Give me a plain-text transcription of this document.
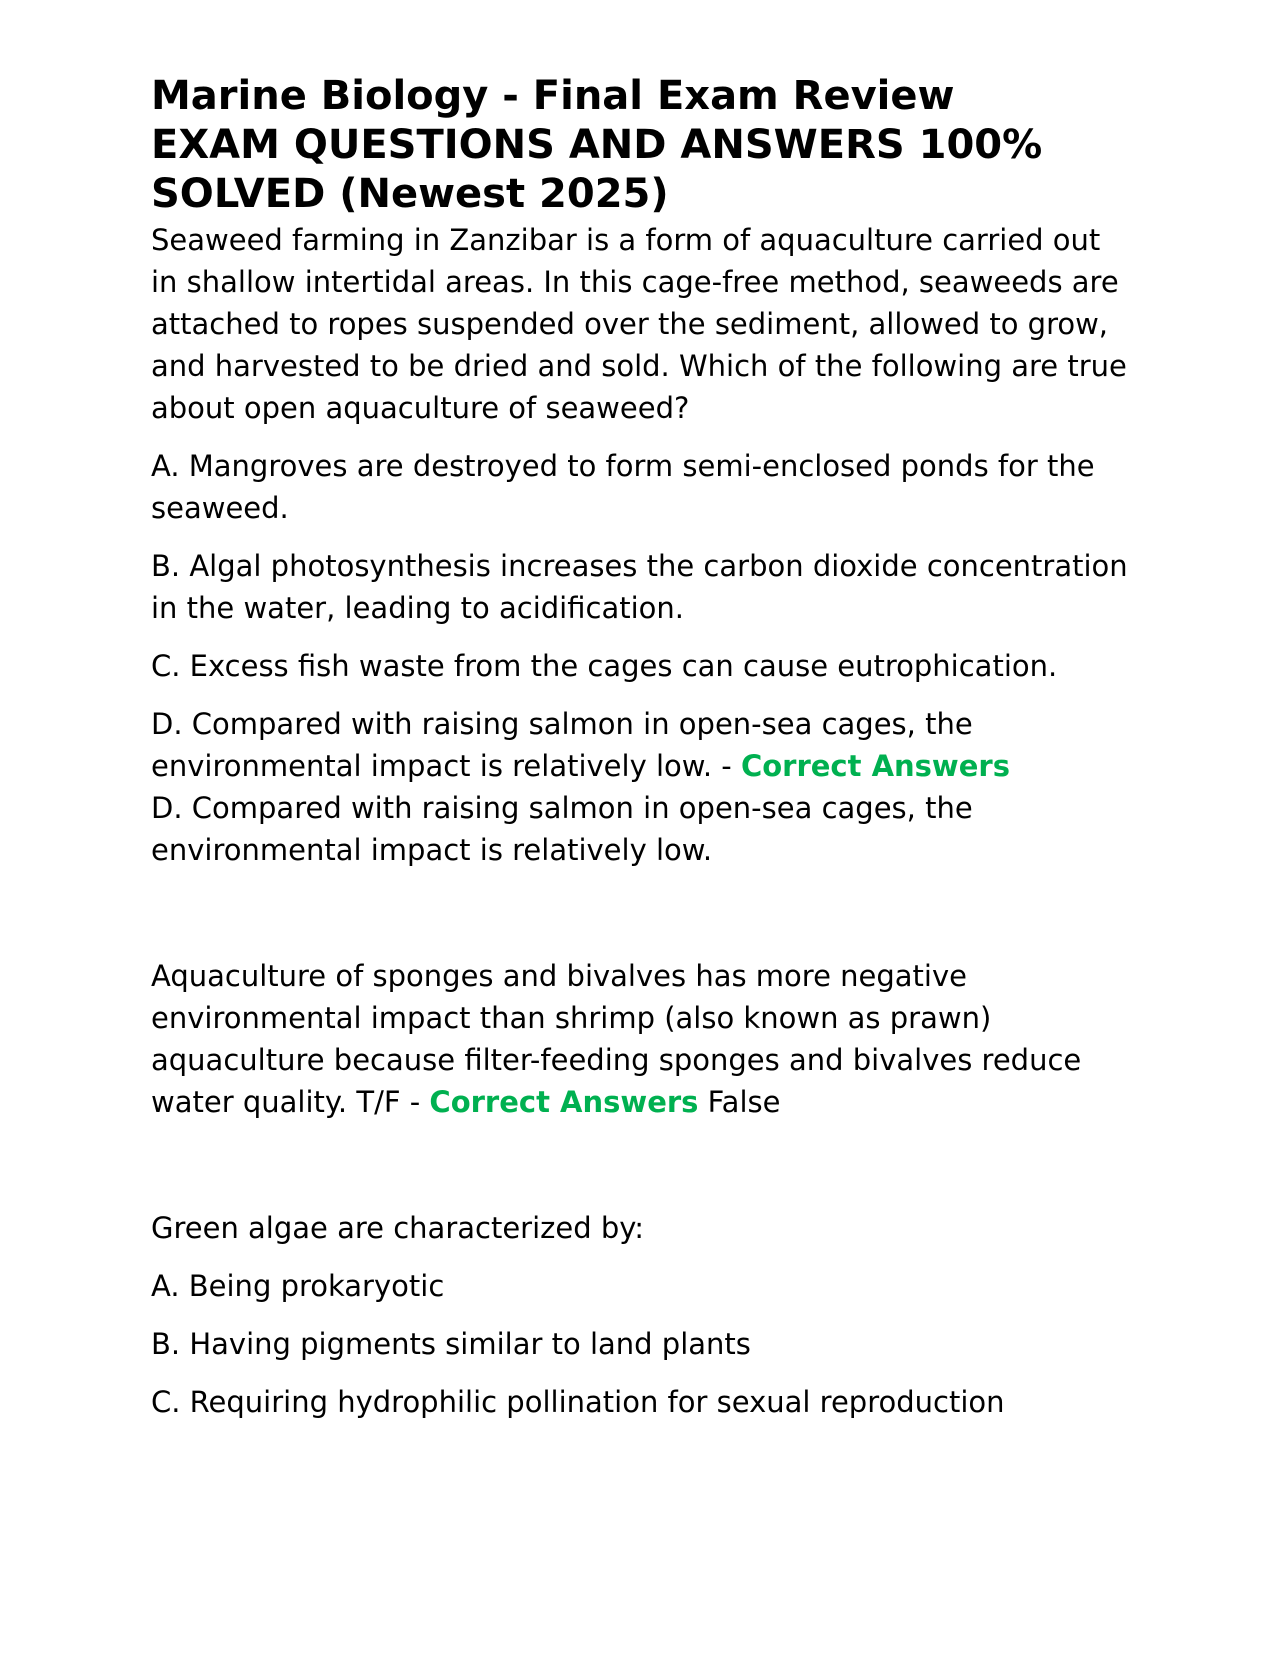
Marine Biology - Final Exam Review
EXAM QUESTIONS AND ANSWERS 100%
SOLVED (Newest 2025)

Seaweed farming in Zanzibar is a form of aquaculture carried out in shallow intertidal areas. In this cage-free method, seaweeds are attached to ropes suspended over the sediment, allowed to grow, and harvested to be dried and sold. Which of the following are true about open aquaculture of seaweed?

A. Mangroves are destroyed to form semi-enclosed ponds for the seaweed.

B. Algal photosynthesis increases the carbon dioxide concentration in the water, leading to acidification.

C. Excess fish waste from the cages can cause eutrophication.

D. Compared with raising salmon in open-sea cages, the environmental impact is relatively low. - Correct Answers
D. Compared with raising salmon in open-sea cages, the environmental impact is relatively low.

Aquaculture of sponges and bivalves has more negative environmental impact than shrimp (also known as prawn) aquaculture because filter-feeding sponges and bivalves reduce water quality. T/F - Correct Answers False

Green algae are characterized by:

A. Being prokaryotic

B. Having pigments similar to land plants

C. Requiring hydrophilic pollination for sexual reproduction
